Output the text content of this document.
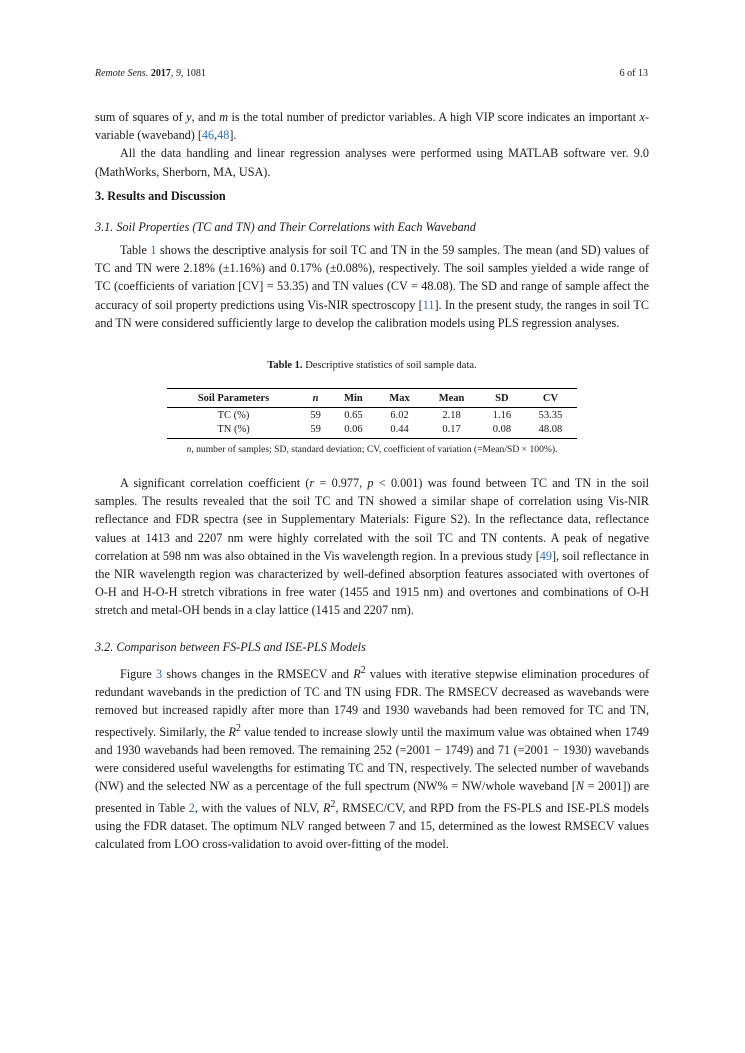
Remote Sens. 2017, 9, 1081	6 of 13

sum of squares of y, and m is the total number of predictor variables. A high VIP score indicates an important x-variable (waveband) [46,48].

All the data handling and linear regression analyses were performed using MATLAB software ver. 9.0 (MathWorks, Sherborn, MA, USA).

3. Results and Discussion
3.1. Soil Properties (TC and TN) and Their Correlations with Each Waveband

Table 1 shows the descriptive analysis for soil TC and TN in the 59 samples. The mean (and SD) values of TC and TN were 2.18% (±1.16%) and 0.17% (±0.08%), respectively. The soil samples yielded a wide range of TC (coefficients of variation [CV] = 53.35) and TN values (CV = 48.08). The SD and range of sample affect the accuracy of soil property predictions using Vis-NIR spectroscopy [11]. In the present study, the ranges in soil TC and TN were considered sufficiently large to develop the calibration models using PLS regression analyses.

Table 1. Descriptive statistics of soil sample data.
Soil Parameters	n	Min	Max	Mean	SD	CV
TC (%)	59	0.65	6.02	2.18	1.16	53.35
TN (%)	59	0.06	0.44	0.17	0.08	48.08
n, number of samples; SD, standard deviation; CV, coefficient of variation (=Mean/SD × 100%).

A significant correlation coefficient (r = 0.977, p < 0.001) was found between TC and TN in the soil samples. The results revealed that the soil TC and TN showed a similar shape of correlation using Vis-NIR reflectance and FDR spectra (see in Supplementary Materials: Figure S2). In the reflectance data, reflectance values at 1413 and 2207 nm were highly correlated with the soil TC and TN contents. A peak of negative correlation at 598 nm was also obtained in the Vis wavelength region. In a previous study [49], soil reflectance in the NIR wavelength region was characterized by well-defined absorption features associated with overtones of O-H and H-O-H stretch vibrations in free water (1455 and 1915 nm) and overtones and combinations of O-H stretch and metal-OH bends in a clay lattice (1415 and 2207 nm).

3.2. Comparison between FS-PLS and ISE-PLS Models

Figure 3 shows changes in the RMSECV and $R^2$ values with iterative stepwise elimination procedures of redundant wavebands in the prediction of TC and TN using FDR. The RMSECV decreased as wavebands were removed but increased rapidly after more than 1749 and 1930 wavebands had been removed for TC and TN, respectively. Similarly, the $R^2$ value tended to increase slowly until the maximum value was obtained when 1749 and 1930 wavebands had been removed. The remaining 252 (=2001 − 1749) and 71 (=2001 − 1930) wavebands were considered useful wavelengths for estimating TC and TN, respectively. The selected number of wavebands (NW) and the selected NW as a percentage of the full spectrum (NW% = NW/whole waveband [N = 2001]) are presented in Table 2, with the values of NLV, $R^2$, RMSEC/CV, and RPD from the FS-PLS and ISE-PLS models using the FDR dataset. The optimum NLV ranged between 7 and 15, determined as the lowest RMSECV values calculated from LOO cross-validation to avoid over-fitting of the model.
